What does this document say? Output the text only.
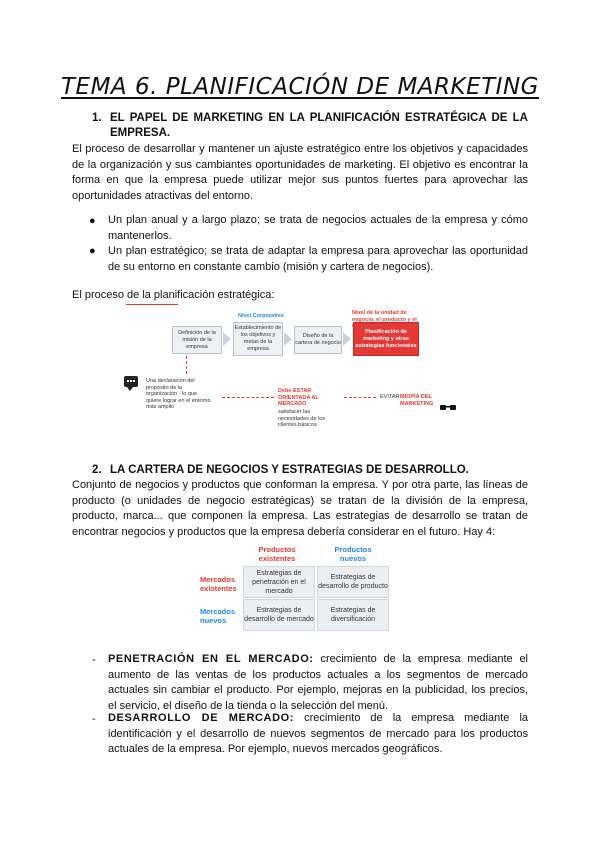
TEMA 6. PLANIFICACIÓN DE MARKETING
1. EL PAPEL DE MARKETING EN LA PLANIFICACIÓN ESTRATÉGICA DE LA
EMPRESA.
El proceso de desarrollar y mantener un ajuste estratégico entre los objetivos y capacidades de la organización y sus cambiantes oportunidades de marketing. El objetivo es encontrar la forma en que la empresa puede utilizar mejor sus puntos fuertes para aprovechar las oportunidades atractivas del entorno.
● Un plan anual y a largo plazo; se trata de negocios actuales de la empresa y cómo mantenerlos.
● Un plan estratégico; se trata de adaptar la empresa para aprovechar las oportunidad de su entorno en constante cambio (misión y cartera de negocios).
El proceso de la planificación estratégica:
Nivel Corporativo	Nivel de la unidad de negocio, el producto y el
Definición de la misión de la empresa
Establecimiento de los objetivos y metas de la empresa
Diseño de la cartera de negocio
Planificación de marketing y otras estrategias funcionales
Una declaración del propósito de la organización - lo que quiere lograr en el entorno más amplio
Debe ESTAR ORIENTADA AL MERCADO
satisfacer las necesidades de los clientes básicos
EVITAR MIOPÍA DEL MARKETING
2. LA CARTERA DE NEGOCIOS Y ESTRATEGIAS DE DESARROLLO.
Conjunto de negocios y productos que conforman la empresa. Y por otra parte, las líneas de producto (o unidades de negocio estratégicas) se tratan de la división de la empresa, producto, marca... que componen la empresa. Las estrategias de desarrollo se tratan de encontrar negocios y productos que la empresa debería considerar en el futuro. Hay 4:
Productos existentes
Productos nuevos
Mercados existentes
Mercados nuevos
Estrategias de penetración en el mercado
Estrategias de desarrollo de producto
Estrategias de desarrollo de mercado
Estrategias de diversificación
- PENETRACIÓN EN EL MERCADO: crecimiento de la empresa mediante el aumento de las ventas de los productos actuales a los segmentos de mercado actuales sin cambiar el producto. Por ejemplo, mejoras en la publicidad, los precios, el servicio, el diseño de la tienda o la selección del menú.
- DESARROLLO DE MERCADO: crecimiento de la empresa mediante la identificación y el desarrollo de nuevos segmentos de mercado para los productos actuales de la empresa. Por ejemplo, nuevos mercados geográficos.
